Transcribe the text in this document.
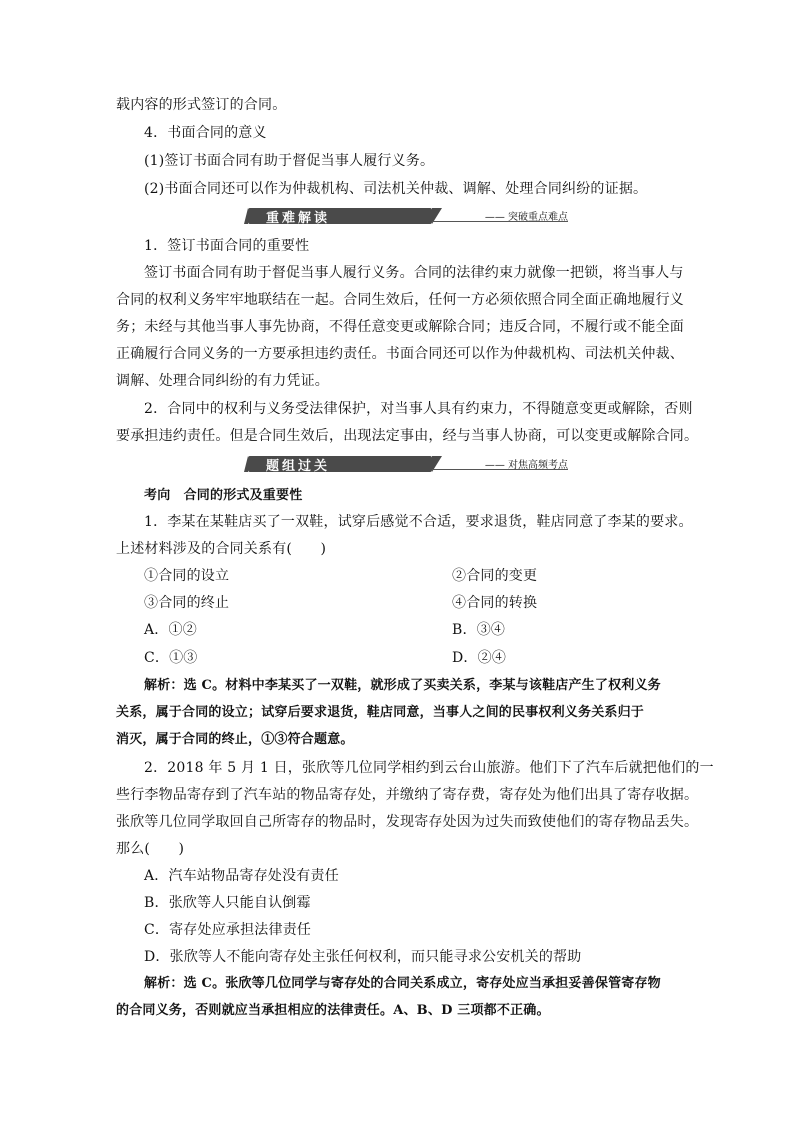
载内容的形式签订的合同。
4．书面合同的意义
(1)签订书面合同有助于督促当事人履行义务。
(2)书面合同还可以作为仲裁机构、司法机关仲裁、调解、处理合同纠纷的证据。
重难解读	—— 突破重点难点
1．签订书面合同的重要性
签订书面合同有助于督促当事人履行义务。合同的法律约束力就像一把锁，将当事人与
合同的权利义务牢牢地联结在一起。合同生效后，任何一方必须依照合同全面正确地履行义
务；未经与其他当事人事先协商，不得任意变更或解除合同；违反合同，不履行或不能全面
正确履行合同义务的一方要承担违约责任。书面合同还可以作为仲裁机构、司法机关仲裁、
调解、处理合同纠纷的有力凭证。
2．合同中的权利与义务受法律保护，对当事人具有约束力，不得随意变更或解除，否则
要承担违约责任。但是合同生效后，出现法定事由，经与当事人协商，可以变更或解除合同。
题组过关	—— 对焦高频考点
考向　合同的形式及重要性
1．李某在某鞋店买了一双鞋，试穿后感觉不合适，要求退货，鞋店同意了李某的要求。
上述材料涉及的合同关系有(　　)
①合同的设立	②合同的变更
③合同的终止	④合同的转换
A．①②	B．③④
C．①③	D．②④
解析：选 C。材料中李某买了一双鞋，就形成了买卖关系，李某与该鞋店产生了权利义务
关系，属于合同的设立；试穿后要求退货，鞋店同意，当事人之间的民事权利义务关系归于
消灭，属于合同的终止，①③符合题意。
2．2018 年 5 月 1 日，张欣等几位同学相约到云台山旅游。他们下了汽车后就把他们的一
些行李物品寄存到了汽车站的物品寄存处，并缴纳了寄存费，寄存处为他们出具了寄存收据。
张欣等几位同学取回自己所寄存的物品时，发现寄存处因为过失而致使他们的寄存物品丢失。
那么(　　)
A．汽车站物品寄存处没有责任
B．张欣等人只能自认倒霉
C．寄存处应承担法律责任
D．张欣等人不能向寄存处主张任何权利，而只能寻求公安机关的帮助
解析：选 C。张欣等几位同学与寄存处的合同关系成立，寄存处应当承担妥善保管寄存物
的合同义务，否则就应当承担相应的法律责任。A、B、D 三项都不正确。
